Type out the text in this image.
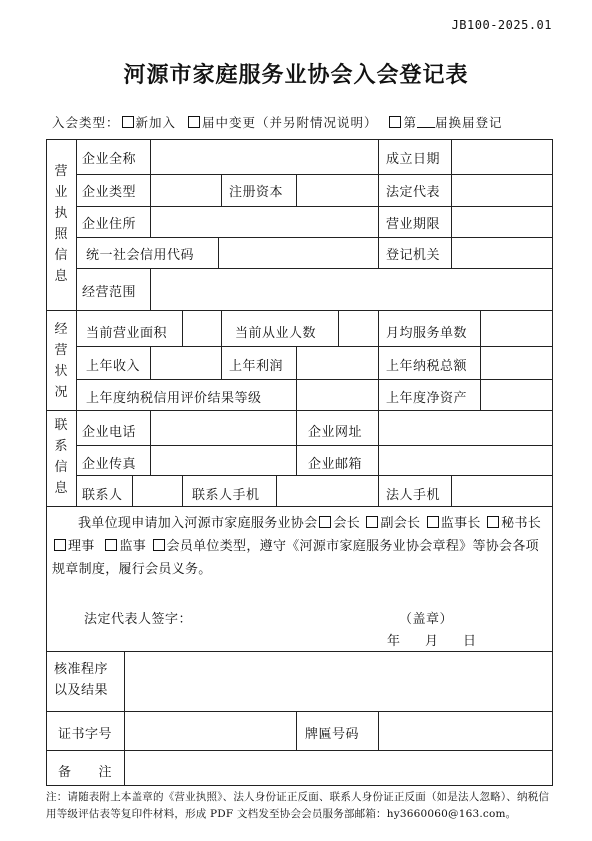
JB100-2025.01
河源市家庭服务业协会入会登记表
入会类型： 新加入 届中变更（并另附情况说明） 第 届换届登记
营业执照信息
经营状况
联系信息
企业全称	成立日期
企业类型	注册资本	法定代表
企业住所	营业期限
统一社会信用代码	登记机关
经营范围
当前营业面积	当前从业人数	月均服务单数
上年收入	上年利润	上年纳税总额
上年度纳税信用评价结果等级	上年度净资产
企业电话	企业网址
企业传真	企业邮箱
联系人	联系人手机	法人手机
我单位现申请加入河源市家庭服务业协会 会长 副会长 监事长 秘书长 理事 监事 会员单位类型，遵守《河源市家庭服务业协会章程》等协会各项规章制度，履行会员义务。
法定代表人签字：	（盖章）
年 月 日
核准程序
以及结果
证书字号	牌匾号码
备　　注
注：请随表附上本盖章的《营业执照》、法人身份证正反面、联系人身份证正反面（如是法人忽略）、纳税信用等级评估表等复印件材料，形成 PDF 文档发至协会会员服务部邮箱：hy3660060@163.com。
